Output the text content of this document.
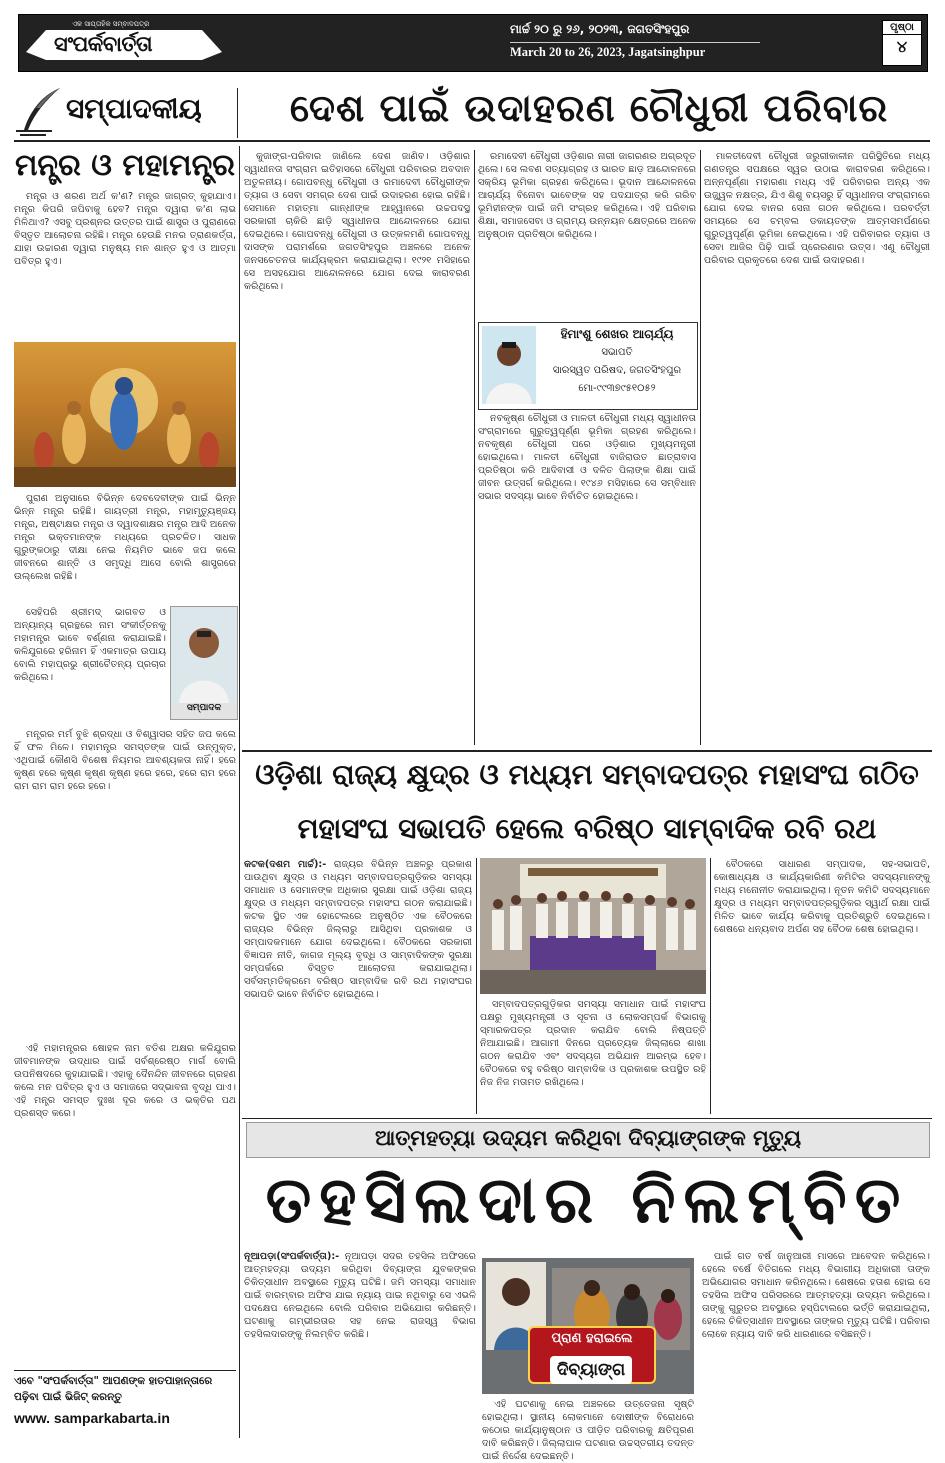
ଏକ ସାପ୍ତାହିକ ସମ୍ବାଦପତ୍ର
ସଂପର୍କବାର୍ତ୍ତା
ମାର୍ଚ୍ଚ ୨୦ ରୁ ୨୬, ୨୦୨୩, ଜଗତସିଂହପୁର
March 20 to 26, 2023, Jagatsinghpur
ପୃଷ୍ଠା
୪
ସମ୍ପାଦକୀୟ	ଦେଶ ପାଇଁ ଉଦାହରଣ ଚୌଧୁରୀ ପରିବାର
ମନ୍ତ୍ର ଓ ମହାମନ୍ତ୍ର

ମନ୍ତ୍ର ଓ ଶରଣ ଅର୍ଥ କ'ଣ? ମନ୍ତ୍ର ଜାଗ୍ରତ୍ କୁହାଯାଏ। ମନ୍ତ୍ର କିପରି ଜପିବାକୁ ହେବ? ମନ୍ତ୍ର ଦ୍ୱାରା କ'ଣ ଲାଭ ମିଳିଥାଏ? ଏସବୁ ପ୍ରଶ୍ନର ଉତ୍ତର ପାଇଁ ଶାସ୍ତ୍ର ଓ ପୁରାଣରେ ବିସ୍ତୃତ ଆଲୋଚନା ରହିଛି। ମନ୍ତ୍ର ହେଉଛି ମନର ତ୍ରାଣକର୍ତ୍ତା, ଯାହା ଉଚ୍ଚାରଣ ଦ୍ୱାରା ମନୁଷ୍ୟ ମନ ଶାନ୍ତ ହୁଏ ଓ ଆତ୍ମା ପବିତ୍ର ହୁଏ।

ପୁରାଣ ଅନୁସାରେ ବିଭିନ୍ନ ଦେବଦେବୀଙ୍କ ପାଇଁ ଭିନ୍ନ ଭିନ୍ନ ମନ୍ତ୍ର ରହିଛି। ଗାୟତ୍ରୀ ମନ୍ତ୍ର, ମହାମୃତ୍ୟୁଞ୍ଜୟ ମନ୍ତ୍ର, ଅଷ୍ଟାକ୍ଷର ମନ୍ତ୍ର ଓ ଦ୍ୱାଦଶାକ୍ଷର ମନ୍ତ୍ର ଆଦି ଅନେକ ମନ୍ତ୍ର ଭକ୍ତମାନଙ୍କ ମଧ୍ୟରେ ପ୍ରଚଳିତ। ସାଧକ ଗୁରୁଙ୍କଠାରୁ ଦୀକ୍ଷା ନେଇ ନିୟମିତ ଭାବେ ଜପ କଲେ ଜୀବନରେ ଶାନ୍ତି ଓ ସମୃଦ୍ଧି ଆସେ ବୋଲି ଶାସ୍ତ୍ରରେ ଉଲ୍ଲେଖ ରହିଛି।

ସେହିପରି ଶ୍ରୀମଦ୍ ଭାଗବତ ଓ ଅନ୍ୟାନ୍ୟ ଗ୍ରନ୍ଥରେ ନାମ ସଂକୀର୍ତ୍ତନକୁ ମହାମନ୍ତ୍ର ଭାବେ ବର୍ଣ୍ଣନା କରାଯାଇଛି। କଳିଯୁଗରେ ହରିନାମ ହିଁ ଏକମାତ୍ର ଉପାୟ ବୋଲି ମହାପ୍ରଭୁ ଶ୍ରୀଚୈତନ୍ୟ ପ୍ରଚାର କରିଥିଲେ।

ସମ୍ପାଦକ

ମନ୍ତ୍ରର ମର୍ମ ବୁଝି ଶ୍ରଦ୍ଧା ଓ ବିଶ୍ୱାସର ସହିତ ଜପ କଲେ ହିଁ ଫଳ ମିଳେ। ମହାମନ୍ତ୍ର ସମସ୍ତଙ୍କ ପାଇଁ ଉନ୍ମୁକ୍ତ, ଏଥିପାଇଁ କୌଣସି ବିଶେଷ ନିୟମର ଆବଶ୍ୟକତା ନାହିଁ। ହରେ କୃଷ୍ଣ ହରେ କୃଷ୍ଣ କୃଷ୍ଣ କୃଷ୍ଣ ହରେ ହରେ, ହରେ ରାମ ହରେ ରାମ ରାମ ରାମ ହରେ ହରେ।

ଏହି ମହାମନ୍ତ୍ରର ଷୋହଳ ନାମ ବତିଶ ଅକ୍ଷର କଳିଯୁଗର ଜୀବମାନଙ୍କ ଉଦ୍ଧାର ପାଇଁ ସର୍ବଶ୍ରେଷ୍ଠ ମାର୍ଗ ବୋଲି ଉପନିଷଦରେ କୁହାଯାଇଛି। ଏହାକୁ ଦୈନନ୍ଦିନ ଜୀବନରେ ଗ୍ରହଣ କଲେ ମନ ପବିତ୍ର ହୁଏ ଓ ସମାଜରେ ସଦ୍ଭାବନା ବୃଦ୍ଧି ପାଏ। ଏହି ମନ୍ତ୍ର ସମସ୍ତ ଦୁଃଖ ଦୂର କରେ ଓ ଭକ୍ତିର ପଥ ପ୍ରଶସ୍ତ କରେ।

ଏବେ "ସଂପର୍କବାର୍ତ୍ତା" ଆପଣଙ୍କ ହାତପାହାନ୍ତାରେ
ପଢ଼ିବା ପାଇଁ ଭିଜିଟ୍ କରନ୍ତୁ
www. samparkabarta.in

କୁଜାଙ୍ଗ-ପରିବାର ଜାଣିଲେ ଦେଶ ଜାଣିବ। ଓଡ଼ିଶାର ସ୍ୱାଧୀନତା ସଂଗ୍ରାମ ଇତିହାସରେ ଚୌଧୁରୀ ପରିବାରର ଅବଦାନ ଅତୁଳନୀୟ। ଗୋପବନ୍ଧୁ ଚୌଧୁରୀ ଓ ରମାଦେବୀ ଚୌଧୁରୀଙ୍କ ତ୍ୟାଗ ଓ ସେବା ସମଗ୍ର ଦେଶ ପାଇଁ ଉଦାହରଣ ହୋଇ ରହିଛି। ସେମାନେ ମହାତ୍ମା ଗାନ୍ଧୀଙ୍କ ଆହ୍ୱାନରେ ଉଚ୍ଚପଦସ୍ଥ ସରକାରୀ ଚାକିରି ଛାଡ଼ି ସ୍ୱାଧୀନତା ଆନ୍ଦୋଳନରେ ଯୋଗ ଦେଇଥିଲେ। ଗୋପବନ୍ଧୁ ଚୌଧୁରୀ ଓ ଉତ୍କଳମଣି ଗୋପବନ୍ଧୁ ଦାସଙ୍କ ପରାମର୍ଶରେ ଜଗତସିଂହପୁର ଅଞ୍ଚଳରେ ଅନେକ ଜନସଚେତନତା କାର୍ଯ୍ୟକ୍ରମ କରାଯାଇଥିଲା। ୧୯୨୧ ମସିହାରେ ସେ ଅସହଯୋଗ ଆନ୍ଦୋଳନରେ ଯୋଗ ଦେଇ କାରାବରଣ କରିଥିଲେ।

ରମାଦେବୀ ଚୌଧୁରୀ ଓଡ଼ିଶାର ନାରୀ ଜାଗରଣର ଅଗ୍ରଦୂତ ଥିଲେ। ସେ ଲବଣ ସତ୍ୟାଗ୍ରହ ଓ ଭାରତ ଛାଡ଼ ଆନ୍ଦୋଳନରେ ସକ୍ରିୟ ଭୂମିକା ଗ୍ରହଣ କରିଥିଲେ। ଭୂଦାନ ଆନ୍ଦୋଳନରେ ଆଚାର୍ଯ୍ୟ ବିନୋବା ଭାବେଙ୍କ ସହ ପଦଯାତ୍ରା କରି ଗରିବ ଭୂମିହୀନଙ୍କ ପାଇଁ ଜମି ସଂଗ୍ରହ କରିଥିଲେ। ଏହି ପରିବାର ଶିକ୍ଷା, ସମାଜସେବା ଓ ଗ୍ରାମ୍ୟ ଉନ୍ନୟନ କ୍ଷେତ୍ରରେ ଅନେକ ଅନୁଷ୍ଠାନ ପ୍ରତିଷ୍ଠା କରିଥିଲେ।

ହିମାଂଶୁ ଶେଖର ଆଚାର୍ଯ୍ୟ
ସଭାପତି
ସାରସ୍ୱତ ପରିଷଦ, ଜଗତସିଂହପୁର
ମୋ-୯୯୩୭୯୫୧୦୫୨

ନବକୃଷ୍ଣ ଚୌଧୁରୀ ଓ ମାଳତୀ ଚୌଧୁରୀ ମଧ୍ୟ ସ୍ୱାଧୀନତା ସଂଗ୍ରାମରେ ଗୁରୁତ୍ୱପୂର୍ଣ୍ଣ ଭୂମିକା ଗ୍ରହଣ କରିଥିଲେ। ନବକୃଷ୍ଣ ଚୌଧୁରୀ ପରେ ଓଡ଼ିଶାର ମୁଖ୍ୟମନ୍ତ୍ରୀ ହୋଇଥିଲେ। ମାଳତୀ ଚୌଧୁରୀ ବାଜିରାଉତ ଛାତ୍ରାବାସ ପ୍ରତିଷ୍ଠା କରି ଆଦିବାସୀ ଓ ଦଳିତ ପିଲାଙ୍କ ଶିକ୍ଷା ପାଇଁ ଜୀବନ ଉତ୍ସର୍ଗ କରିଥିଲେ। ୧୯୪୬ ମସିହାରେ ସେ ସମ୍ବିଧାନ ସଭାର ସଦସ୍ୟା ଭାବେ ନିର୍ବାଚିତ ହୋଇଥିଲେ।

ମାଳତୀଦେବୀ ଚୌଧୁରୀ ଜରୁରୀକାଳୀନ ପରିସ୍ଥିତିରେ ମଧ୍ୟ ଗଣତନ୍ତ୍ର ସପକ୍ଷରେ ସ୍ୱର ଉଠାଇ କାରାବରଣ କରିଥିଲେ। ଅନ୍ନପୂର୍ଣ୍ଣା ମହାରଣା ମଧ୍ୟ ଏହି ପରିବାରର ଅନ୍ୟ ଏକ ଉଜ୍ଜ୍ୱଳ ନକ୍ଷତ୍ର, ଯିଏ ଶିଶୁ ବୟସରୁ ହିଁ ସ୍ୱାଧୀନତା ସଂଗ୍ରାମରେ ଯୋଗ ଦେଇ ବାନର ସେନା ଗଠନ କରିଥିଲେ। ପରବର୍ତ୍ତୀ ସମୟରେ ସେ ଚମ୍ବଲ ଡକାୟତଙ୍କ ଆତ୍ମସମର୍ପଣରେ ଗୁରୁତ୍ୱପୂର୍ଣ୍ଣ ଭୂମିକା ନେଇଥିଲେ। ଏହି ପରିବାରର ତ୍ୟାଗ ଓ ସେବା ଆଜିର ପିଢ଼ି ପାଇଁ ପ୍ରେରଣାର ଉତ୍ସ। ଏଣୁ ଚୌଧୁରୀ ପରିବାର ପ୍ରକୃତରେ ଦେଶ ପାଇଁ ଉଦାହରଣ।

ଓଡ଼ିଶା ରାଜ୍ୟ କ୍ଷୁଦ୍ର ଓ ମଧ୍ୟମ ସମ୍ବାଦପତ୍ର ମହାସଂଘ ଗଠିତ
ମହାସଂଘ ସଭାପତି ହେଲେ ବରିଷ୍ଠ ସାମ୍ବାଦିକ ରବି ରଥ

କଟକ(ଦଶମ ମାର୍ଚ୍ଚ):- ରାଜ୍ୟର ବିଭିନ୍ନ ଅଞ୍ଚଳରୁ ପ୍ରକାଶ ପାଉଥିବା କ୍ଷୁଦ୍ର ଓ ମଧ୍ୟମ ସମ୍ବାଦପତ୍ରଗୁଡ଼ିକର ସମସ୍ୟା ସମାଧାନ ଓ ସେମାନଙ୍କ ଅଧିକାର ସୁରକ୍ଷା ପାଇଁ ଓଡ଼ିଶା ରାଜ୍ୟ କ୍ଷୁଦ୍ର ଓ ମଧ୍ୟମ ସମ୍ବାଦପତ୍ର ମହାସଂଘ ଗଠନ କରାଯାଇଛି। କଟକ ସ୍ଥିତ ଏକ ହୋଟେଲରେ ଅନୁଷ୍ଠିତ ଏକ ବୈଠକରେ ରାଜ୍ୟର ବିଭିନ୍ନ ଜିଲ୍ଲାରୁ ଆସିଥିବା ପ୍ରକାଶକ ଓ ସମ୍ପାଦକମାନେ ଯୋଗ ଦେଇଥିଲେ। ବୈଠକରେ ସରକାରୀ ବିଜ୍ଞାପନ ନୀତି, କାଗଜ ମୂଲ୍ୟ ବୃଦ୍ଧି ଓ ସାମ୍ବାଦିକଙ୍କ ସୁରକ୍ଷା ସମ୍ପର୍କରେ ବିସ୍ତୃତ ଆଲୋଚନା କରାଯାଇଥିଲା। ସର୍ବସମ୍ମତିକ୍ରମେ ବରିଷ୍ଠ ସାମ୍ବାଦିକ ରବି ରଥ ମହାସଂଘର ସଭାପତି ଭାବେ ନିର୍ବାଚିତ ହୋଇଥିଲେ।

ସମ୍ବାଦପତ୍ରଗୁଡ଼ିକର ସମସ୍ୟା ସମାଧାନ ପାଇଁ ମହାସଂଘ ପକ୍ଷରୁ ମୁଖ୍ୟମନ୍ତ୍ରୀ ଓ ସୂଚନା ଓ ଲୋକସମ୍ପର୍କ ବିଭାଗକୁ ସ୍ମାରକପତ୍ର ପ୍ରଦାନ କରାଯିବ ବୋଲି ନିଷ୍ପତ୍ତି ନିଆଯାଇଛି। ଆଗାମୀ ଦିନରେ ପ୍ରତ୍ୟେକ ଜିଲ୍ଲାରେ ଶାଖା ଗଠନ କରାଯିବ ଏବଂ ସଦସ୍ୟତା ଅଭିଯାନ ଆରମ୍ଭ ହେବ। ବୈଠକରେ ବହୁ ବରିଷ୍ଠ ସାମ୍ବାଦିକ ଓ ପ୍ରକାଶକ ଉପସ୍ଥିତ ରହି ନିଜ ନିଜ ମତାମତ ରଖିଥିଲେ।

ବୈଠକରେ ସାଧାରଣ ସମ୍ପାଦକ, ସହ-ସଭାପତି, କୋଷାଧ୍ୟକ୍ଷ ଓ କାର୍ଯ୍ୟକାରିଣୀ କମିଟିର ସଦସ୍ୟମାନଙ୍କୁ ମଧ୍ୟ ମନୋନୀତ କରାଯାଇଥିଲା। ନୂତନ କମିଟି ସଦସ୍ୟମାନେ କ୍ଷୁଦ୍ର ଓ ମଧ୍ୟମ ସମ୍ବାଦପତ୍ରଗୁଡ଼ିକର ସ୍ୱାର୍ଥ ରକ୍ଷା ପାଇଁ ମିଳିତ ଭାବେ କାର୍ଯ୍ୟ କରିବାକୁ ପ୍ରତିଶ୍ରୁତି ଦେଇଥିଲେ। ଶେଷରେ ଧନ୍ୟବାଦ ଅର୍ପଣ ସହ ବୈଠକ ଶେଷ ହୋଇଥିଲା।

ଆତ୍ମହତ୍ୟା ଉଦ୍ୟମ କରିଥିବା ଦିବ୍ୟାଙ୍ଗଙ୍କ ମୃତ୍ୟୁ
ତହସିଲଦାର ନିଲମ୍ବିତ

ନୂଆପଡ଼ା(ସଂପର୍କବାର୍ତ୍ତା):- ନୂଆପଡ଼ା ସଦର ତହସିଲ ଅଫିସରେ ଆତ୍ମହତ୍ୟା ଉଦ୍ୟମ କରିଥିବା ଦିବ୍ୟାଙ୍ଗ ଯୁବକଙ୍କର ଚିକିତ୍ସାଧୀନ ଅବସ୍ଥାରେ ମୃତ୍ୟୁ ଘଟିଛି। ଜମି ସମସ୍ୟା ସମାଧାନ ପାଇଁ ବାରମ୍ବାର ଅଫିସ ଯାଇ ନ୍ୟାୟ ପାଇ ନଥିବାରୁ ସେ ଏଭଳି ପଦକ୍ଷେପ ନେଇଥିଲେ ବୋଲି ପରିବାର ଅଭିଯୋଗ କରିଛନ୍ତି। ଘଟଣାକୁ ଗମ୍ଭୀରତାର ସହ ନେଇ ରାଜସ୍ୱ ବିଭାଗ ତହସିଲଦାରଙ୍କୁ ନିଲମ୍ବିତ କରିଛି।	ପ୍ରାଣ ହରାଇଲେ
ଦିବ୍ୟାଙ୍ଗ

ଏହି ଘଟଣାକୁ ନେଇ ଅଞ୍ଚଳରେ ଉତ୍ତେଜନା ସୃଷ୍ଟି ହୋଇଥିଲା। ସ୍ଥାନୀୟ ଲୋକମାନେ ଦୋଷୀଙ୍କ ବିରୋଧରେ କଠୋର କାର୍ଯ୍ୟାନୁଷ୍ଠାନ ଓ ପୀଡ଼ିତ ପରିବାରକୁ କ୍ଷତିପୂରଣ ଦାବି କରିଛନ୍ତି। ଜିଲ୍ଲାପାଳ ଘଟଣାର ଉଚ୍ଚସ୍ତରୀୟ ତଦନ୍ତ ପାଇଁ ନିର୍ଦ୍ଦେଶ ଦେଇଛନ୍ତି।

ପାଇଁ ଗତ ବର୍ଷ ଜାନୁଆରୀ ମାସରେ ଆବେଦନ କରିଥିଲେ। ହେଲେ ବର୍ଷେ ବିତିଗଲେ ମଧ୍ୟ ବିଭାଗୀୟ ଅଧିକାରୀ ତାଙ୍କ ଅଭିଯୋଗର ସମାଧାନ କରିନଥିଲେ। ଶେଷରେ ହତାଶ ହୋଇ ସେ ତହସିଲ ଅଫିସ ପରିସରରେ ଆତ୍ମହତ୍ୟା ଉଦ୍ୟମ କରିଥିଲେ। ତାଙ୍କୁ ଗୁରୁତର ଅବସ୍ଥାରେ ହସ୍ପିଟାଲରେ ଭର୍ତ୍ତି କରାଯାଇଥିଲା, ହେଲେ ଚିକିତ୍ସାଧୀନ ଅବସ୍ଥାରେ ତାଙ୍କର ମୃତ୍ୟୁ ଘଟିଛି। ପରିବାର ଲୋକେ ନ୍ୟାୟ ଦାବି କରି ଧାରଣାରେ ବସିଛନ୍ତି।
